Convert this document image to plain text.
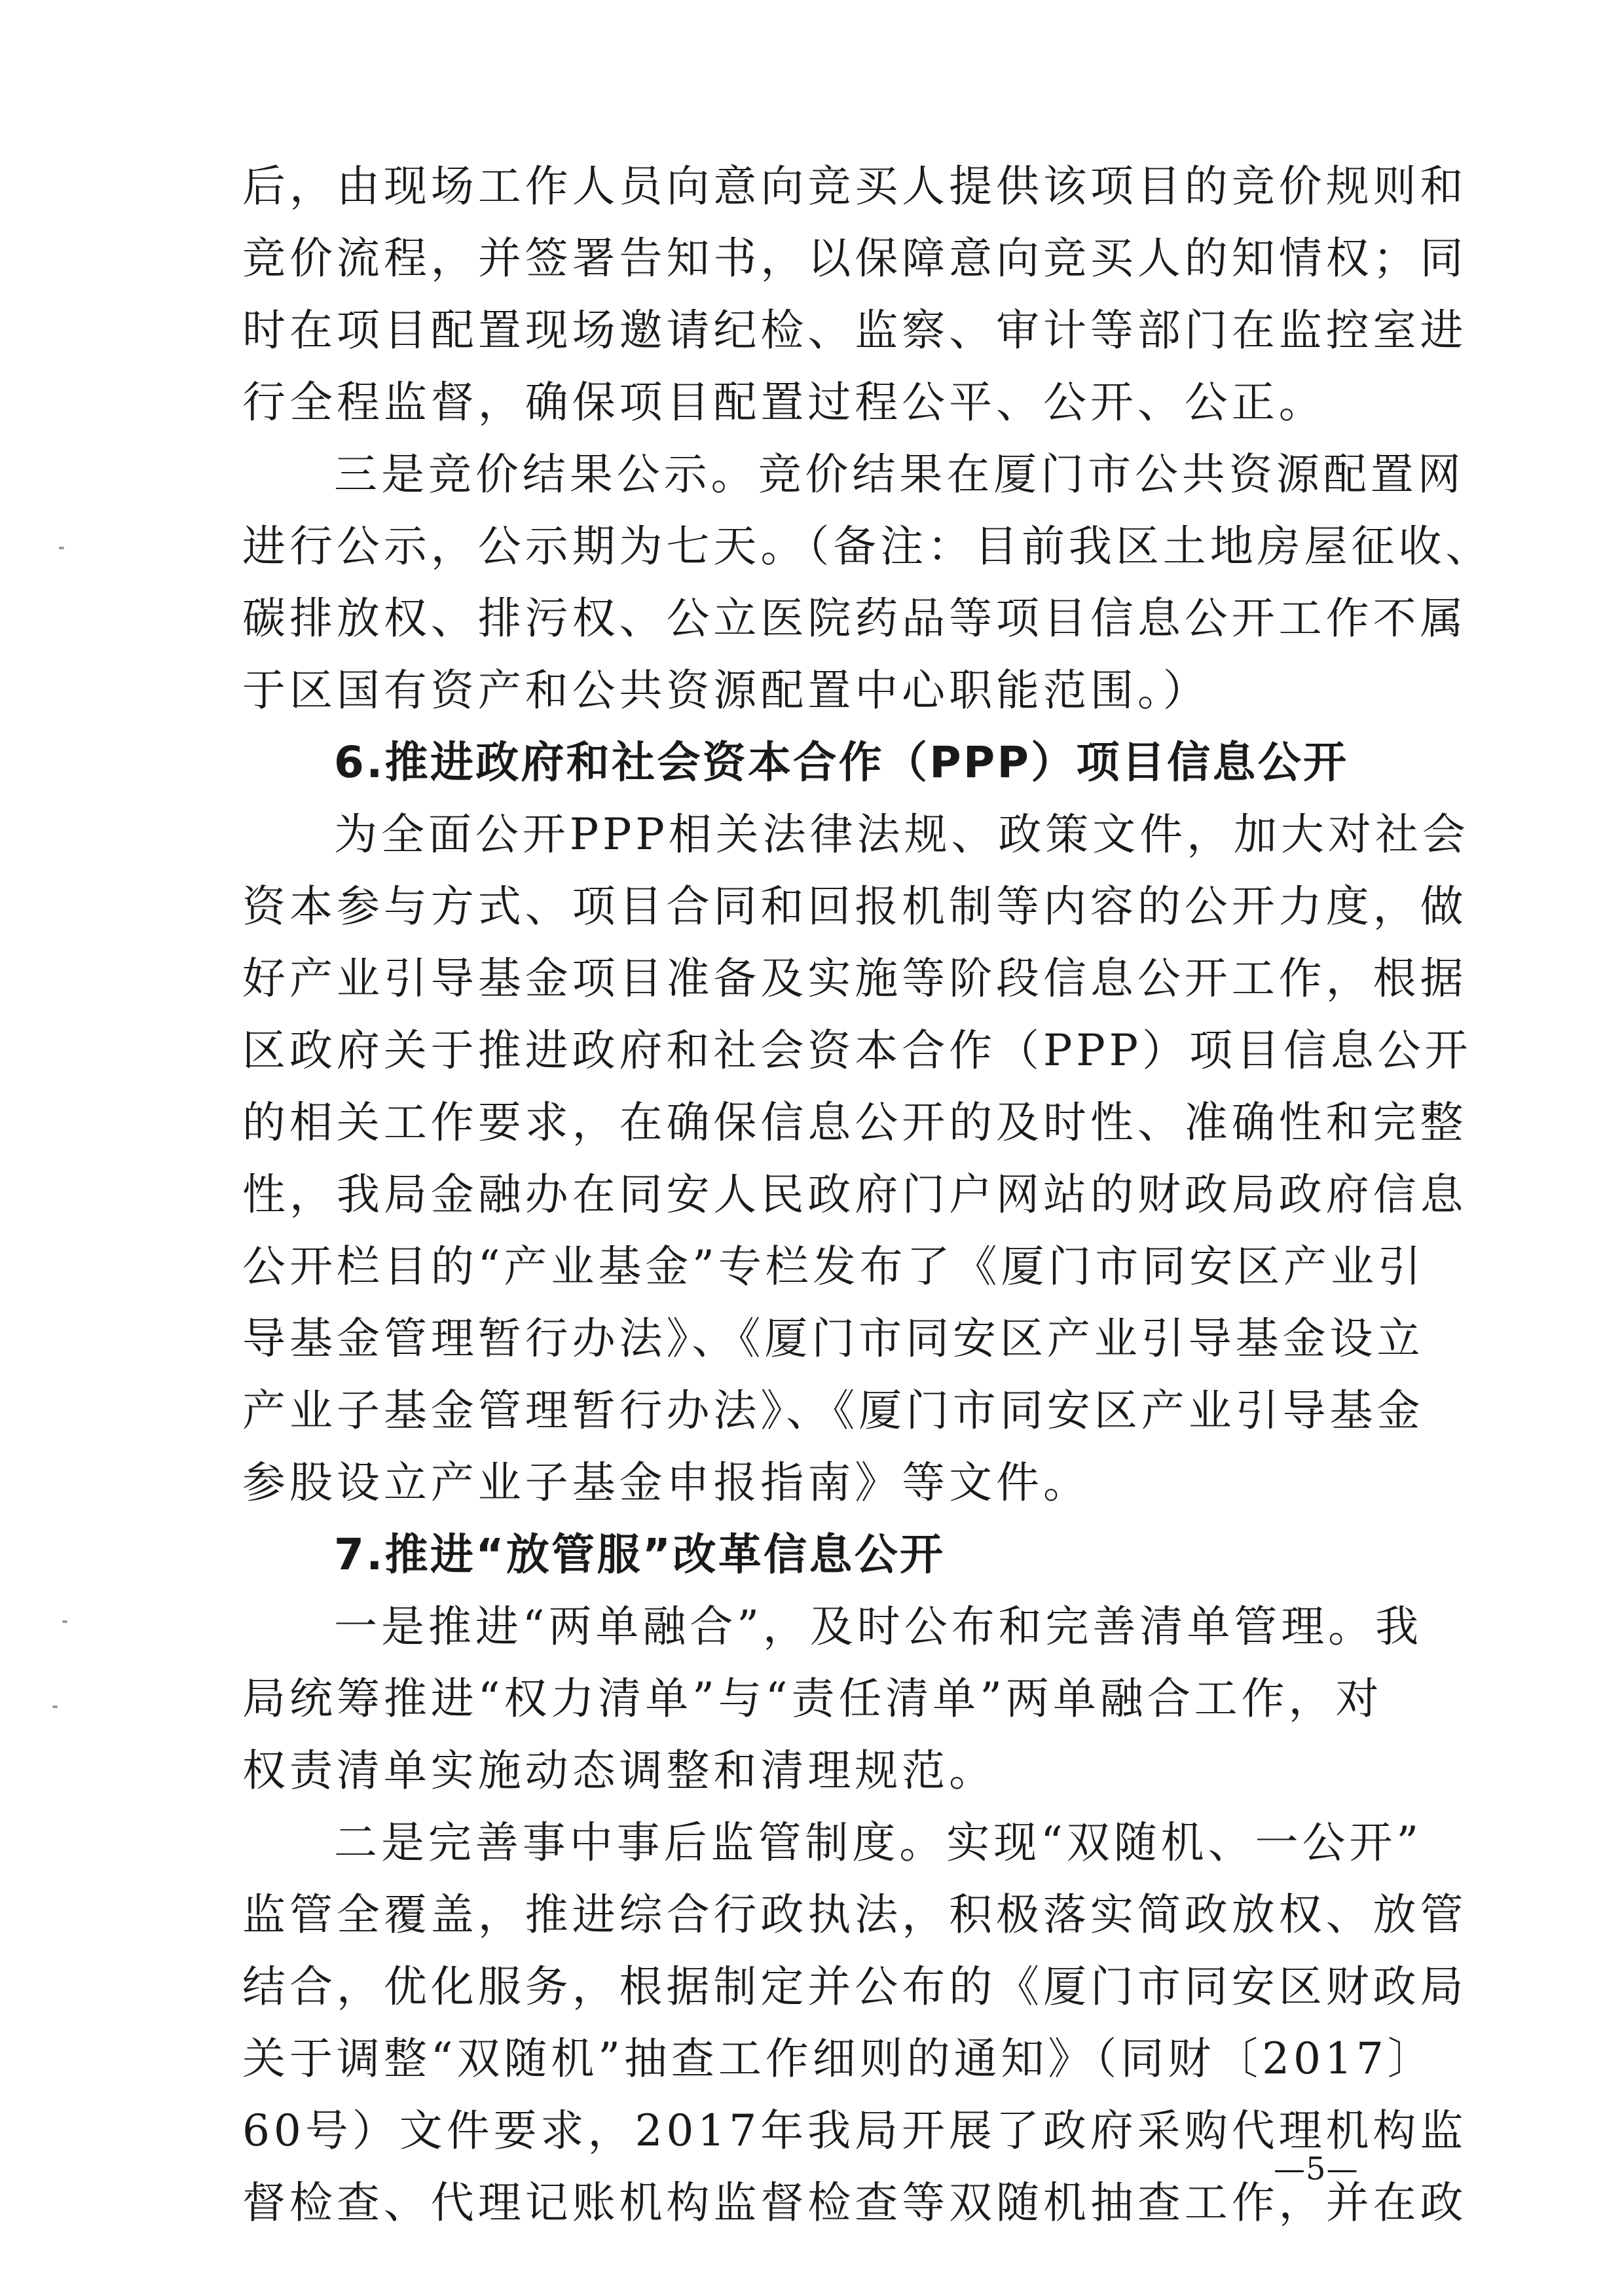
后，由现场工作人员向意向竞买人提供该项目的竞价规则和
竞价流程，并签署告知书，以保障意向竞买人的知情权；同
时在项目配置现场邀请纪检、监察、审计等部门在监控室进
行全程监督，确保项目配置过程公平、公开、公正。
三是竞价结果公示。竞价结果在厦门市公共资源配置网
进行公示，公示期为七天。（备注：目前我区土地房屋征收、
碳排放权、排污权、公立医院药品等项目信息公开工作不属
于区国有资产和公共资源配置中心职能范围。）
6.推进政府和社会资本合作（PPP）项目信息公开
为全面公开PPP相关法律法规、政策文件，加大对社会
资本参与方式、项目合同和回报机制等内容的公开力度，做
好产业引导基金项目准备及实施等阶段信息公开工作，根据
区政府关于推进政府和社会资本合作（PPP）项目信息公开
的相关工作要求，在确保信息公开的及时性、准确性和完整
性，我局金融办在同安人民政府门户网站的财政局政府信息
公开栏目的“产业基金”专栏发布了《厦门市同安区产业引
导基金管理暂行办法》、《厦门市同安区产业引导基金设立
产业子基金管理暂行办法》、《厦门市同安区产业引导基金
参股设立产业子基金申报指南》等文件。
7.推进“放管服”改革信息公开
一是推进“两单融合”，及时公布和完善清单管理。我
局统筹推进“权力清单”与“责任清单”两单融合工作，对
权责清单实施动态调整和清理规范。
二是完善事中事后监管制度。实现“双随机、一公开”
监管全覆盖，推进综合行政执法，积极落实简政放权、放管
结合，优化服务，根据制定并公布的《厦门市同安区财政局
关于调整“双随机”抽查工作细则的通知》（同财〔2017〕
60号）文件要求，2017年我局开展了政府采购代理机构监
督检查、代理记账机构监督检查等双随机抽查工作，并在政
—5—
